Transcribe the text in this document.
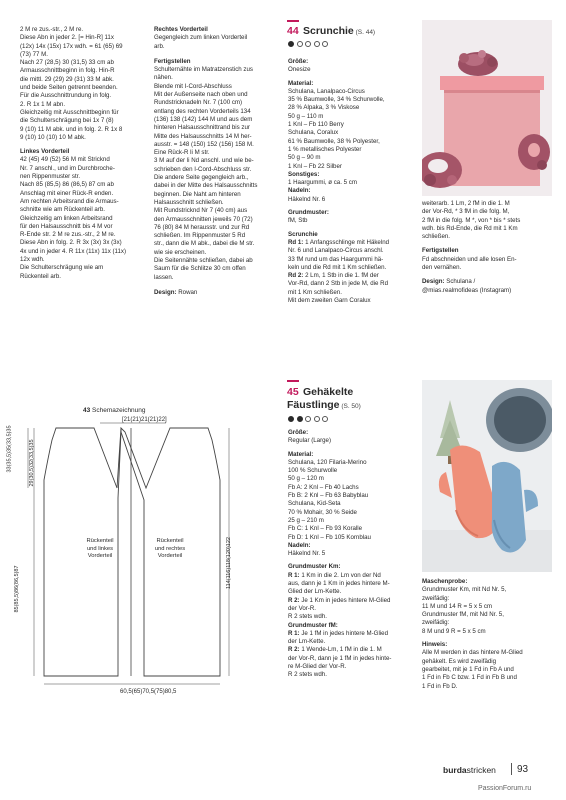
2 M re zus.-str., 2 M re.

Diese Abn in jeder 2. [= Hin-R] 11x

(12x) 14x (15x) 17x wdh. = 61 (65) 69

(73) 77 M.

Nach 27 (28,5) 30 (31,5) 33 cm ab

Armausschnittbeginn in folg. Hin-R

die mittl. 29 (29) 29 (31) 33 M abk.

und beide Seiten getrennt beenden.

Für die Ausschnittrundung in folg.

2. R 1x 1 M abn.

Gleichzeitig mit Ausschnittbeginn für

die Schulterschrägung bei 1x 7 (8)

9 (10) 11 M abk. und in folg. 2. R 1x 8

9 (10) 10 (10) 10 M abk.

Linkes Vorderteil

42 (45) 49 (52) 56 M mit Stricknd

Nr. 7 anschl., und im Durchbroche-

nen Rippenmuster str.

Nach 85 (85,5) 86 (86,5) 87 cm ab

Anschlag mit einer Rück-R enden.

Am rechten Arbeitsrand die Armaus-

schnitte wie am Rückenteil arb.

Gleichzeitig am linken Arbeitsrand

für den Halsausschnitt bis 4 M vor

R-Ende str. 2 M re zus.-str., 2 M re.

Diese Abn in folg. 2. R 3x (3x) 3x (3x)

4x und in jeder 4. R 11x (11x) 11x (11x)

12x wdh.

Die Schulterschrägung wie am

Rückenteil arb.

Rechtes Vorderteil

Gegengleich zum linken Vorderteil
arb.

Fertigstellen

Schulternähte im Matratzenstich zus
nähen.
Blende mit I-Cord-Abschluss
Mit der Außenseite nach oben und
Rundstricknadeln Nr. 7 (100 cm)
entlang des rechten Vorderteils 134
(136) 138 (142) 144 M und aus dem
hinteren Halsausschnittrand bis zur
Mitte des Halsausschnitts 14 M her-
ausstr. = 148 (150) 152 (156) 158 M.
Eine Rück-R li M str.
3 M auf der li Nd anschl. und wie be-
schrieben den I-Cord-Abschluss str.
Die andere Seite gegengleich arb.,
dabei in der Mitte des Halsausschnitts
beginnen. Die Naht am hinteren
Halsausschnitt schließen.
Mit Rundstricknd Nr 7 (40 cm) aus
den Armausschnitten jeweils 70 (72)
76 (80) 84 M herausstr. und zur Rd
schließen. Im Rippenmuster 5 Rd
str., dann die M abk., dabei die M str.
wie sie erscheinen.
Die Seitennähte schließen, dabei ab
Saum für die Schlitze 30 cm offen
lassen.

Design: Rowan

44 Scrunchie (S. 44)

Größe:

Onesize

Material:

Schulana, Lanalpaco-Circus
35 % Baumwolle, 34 % Schurwolle,
28 % Alpaka, 3 % Viskose
50 g – 110 m
1 Knl – Fb 110 Berry
Schulana, Coralux
61 % Baumwolle, 38 % Polyester,
1 % metallisches Polyester
50 g – 90 m
1 Knl – Fb 22 Silber

Sonstiges:

1 Haargummi, ø ca. 5 cm

Nadeln:

Häkelnd Nr. 6

Grundmuster:

fM, Stb

Scrunchie

Rd 1: 1 Anfangsschlinge mit Häkelnd
Nr. 6 und Lanalpaco-Circus anschl.
33 fM rund um das Haargummi hä-
keln und die Rd mit 1 Km schließen.

Rd 2: 2 Lm, 1 Stb in die 1. fM der
Vor-Rd, dann 2 Stb in jede M, die Rd
mit 1 Km schließen.
Mit dem zweiten Garn Coralux

weiterarb. 1 Lm, 2 fM in die 1. M
der Vor-Rd, * 3 fM in die folg. M,
2 fM in die folg. M *, von * bis * stets
wdh. bis Rd-Ende, die Rd mit 1 Km
schließen.

Fertigstellen

Fd abschneiden und alle losen En-
den vernähen.

Design: Schulana /
@mias.realmofideas (Instagram)

43 Schemazeichnung
[21(21)21(21)22]
33(35,5)35(33,5)35	29(30,5)32(33,5)35
85(85,5)86(86,5)87	114(116)118(120)122
60,5(65)70,5(75)80,5
Rückenteil
und linkes
Vorderteil
Rückenteil
und rechtes
Vorderteil
45 Gehäkelte
Fäustlinge (S. 50)

Größe:

Regular (Large)

Material:

Schulana, 120 Filaria-Merino
100 % Schurwolle
50 g – 120 m
Fb A: 2 Knl – Fb 40 Lachs
Fb B: 2 Knl – Fb 63 Babyblau
Schulana, Kid-Seta
70 % Mohair, 30 % Seide
25 g – 210 m
Fb C: 1 Knl – Fb 93 Koralle
Fb D: 1 Knl – Fb 105 Kornblau

Nadeln:

Häkelnd Nr. 5

Grundmuster Km:

R 1: 1 Km in die 2. Lm von der Nd
aus, dann je 1 Km in jedes hintere M-
Glied der Lm-Kette.

R 2: Je 1 Km in jedes hintere M-Glied
der Vor-R.
R 2 stets wdh.

Grundmuster fM:

R 1: Je 1 fM in jedes hintere M-Glied
der Lm-Kette.

R 2: 1 Wende-Lm, 1 fM in die 1. M
der Vor-R, dann je 1 fM in jedes hinte-
re M-Glied der Vor-R.
R 2 stets wdh.

Maschenprobe:

Grundmuster Km, mit Nd Nr. 5,
zweifädig:
11 M und 14 R = 5 x 5 cm
Grundmuster fM, mit Nd Nr. 5,
zweifädig:
8 M und 9 R = 5 x 5 cm

Hinweis:

Alle M werden in das hintere M-Glied
gehäkelt. Es wird zweifädig
gearbeitet, mit je 1 Fd in Fb A und
1 Fd in Fb C bzw. 1 Fd in Fb B und
1 Fd in Fb D.

burdastricken 93
PassionForum.ru
